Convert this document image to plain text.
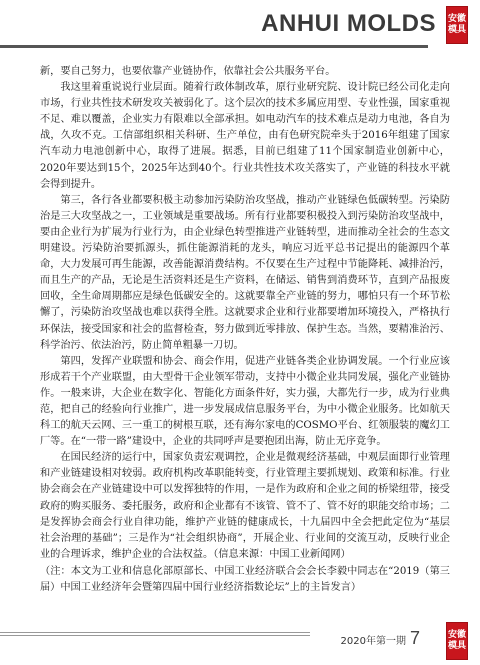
ANHUI MOLDS 安徽
模具

新，要自己努力，也要依靠产业链协作，依靠社会公共服务平台。

我这里着重说说行业层面。随着行政体制改革，原行业研究院、设计院已经公司化走向市场，行业共性技术研发攻关被弱化了。这个层次的技术多属应用型、专业性强，国家重视不足、难以覆盖，企业实力有限难以全部承担。如电动汽车的技术难点是动力电池，各自为战，久攻不克。工信部组织相关科研、生产单位，由有色研究院牵头于2016年组建了国家汽车动力电池创新中心，取得了进展。据悉，目前已组建了11个国家制造业创新中心，2020年要达到15个，2025年达到40个。行业共性技术攻关落实了，产业链的科技水平就会得到提升。

第三，各行各业都要积极主动参加污染防治攻坚战，推动产业链绿色低碳转型。污染防治是三大攻坚战之一，工业领域是重要战场。所有行业都要积极投入到污染防治攻坚战中，要由企业行为扩展为行业行为，由企业绿色转型推进产业链转型，进而推动全社会的生态文明建设。污染防治要抓源头，抓住能源消耗的龙头，响应习近平总书记提出的能源四个革命，大力发展可再生能源，改善能源消费结构。不仅要在生产过程中节能降耗、减排治污，而且生产的产品，无论是生活资料还是生产资料，在储运、销售到消费环节，直到产品报废回收，全生命周期都应是绿色低碳安全的。这就要靠全产业链的努力，哪怕只有一个环节松懈了，污染防治攻坚战也难以获得全胜。这就要求企业和行业都要增加环境投入，严格执行环保法，接受国家和社会的监督检查，努力做到近零排放、保护生态。当然，要精准治污、科学治污、依法治污，防止简单粗暴一刀切。

第四，发挥产业联盟和协会、商会作用，促进产业链各类企业协调发展。一个行业应该形成若干个产业联盟，由大型骨干企业领军带动，支持中小微企业共同发展，强化产业链协作。一般来讲，大企业在数字化、智能化方面条件好，实力强，大都先行一步，成为行业典范，把自己的经验向行业推广，进一步发展成信息服务平台，为中小微企业服务。比如航天科工的航天云网、三一重工的树根互联，还有海尔家电的COSMO平台、红领服装的魔幻工厂等。在“一带一路”建设中，企业的共同呼声是要抱团出海，防止无序竞争。

在国民经济的运行中，国家负责宏观调控，企业是微观经济基础，中观层面即行业管理和产业链建设相对较弱。政府机构改革职能转变，行业管理主要抓规划、政策和标准。行业协会商会在产业链建设中可以发挥独特的作用，一是作为政府和企业之间的桥梁纽带，接受政府的购买服务、委托服务，政府和企业都有不该管、管不了、管不好的职能交给市场；二是发挥协会商会行业自律功能，维护产业链的健康成长，十九届四中全会把此定位为“基层社会治理的基础”；三是作为“社会组织协商”，开展企业、行业间的交流互动，反映行业企业的合理诉求，维护企业的合法权益。（信息来源：中国工业新闻网）

（注：本文为工业和信息化部原部长、中国工业经济联合会会长李毅中同志在“2019（第三届）中国工业经济年会暨第四届中国行业经济指数论坛”上的主旨发言）

2020年第一期 7	安徽
模具
